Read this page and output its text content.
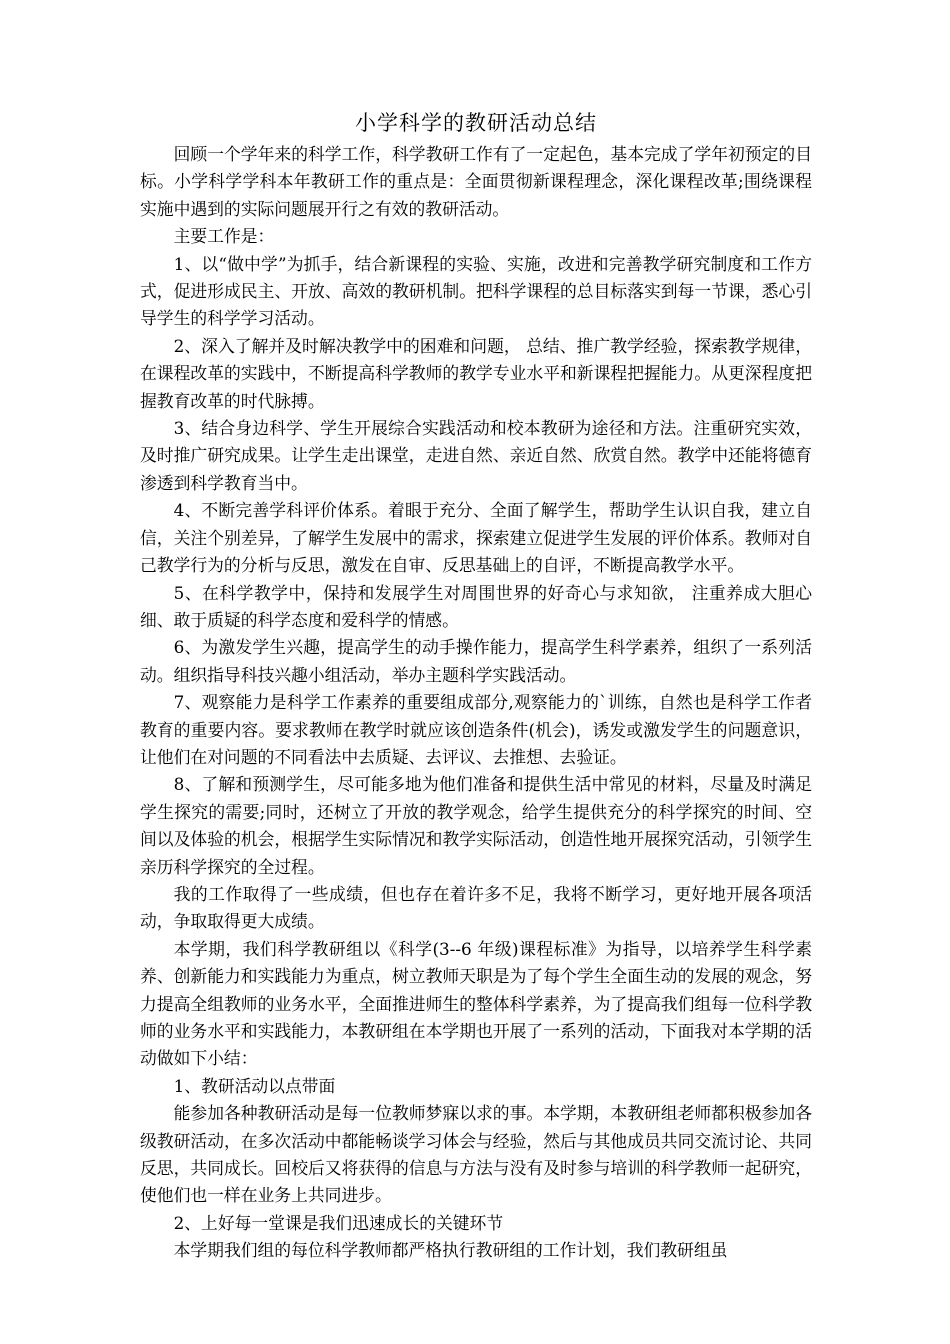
小学科学的教研活动总结

回顾一个学年来的科学工作，科学教研工作有了一定起色，基本完成了学年初预定的目标。小学科学学科本年教研工作的重点是：全面贯彻新课程理念，深化课程改革;围绕课程实施中遇到的实际问题展开行之有效的教研活动。

主要工作是：

1、以“做中学”为抓手，结合新课程的实验、实施，改进和完善教学研究制度和工作方式，促进形成民主、开放、高效的教研机制。把科学课程的总目标落实到每一节课，悉心引导学生的科学学习活动。

2、深入了解并及时解决教学中的困难和问题， 总结、推广教学经验，探索教学规律，在课程改革的实践中，不断提高科学教师的教学专业水平和新课程把握能力。从更深程度把握教育改革的时代脉搏。

3、结合身边科学、学生开展综合实践活动和校本教研为途径和方法。注重研究实效，及时推广研究成果。让学生走出课堂，走进自然、亲近自然、欣赏自然。教学中还能将德育渗透到科学教育当中。

4、不断完善学科评价体系。着眼于充分、全面了解学生，帮助学生认识自我，建立自信，关注个别差异，了解学生发展中的需求，探索建立促进学生发展的评价体系。教师对自己教学行为的分析与反思，激发在自审、反思基础上的自评，不断提高教学水平。

5、在科学教学中，保持和发展学生对周围世界的好奇心与求知欲， 注重养成大胆心细、敢于质疑的科学态度和爱科学的情感。

6、为激发学生兴趣，提高学生的动手操作能力，提高学生科学素养，组织了一系列活动。组织指导科技兴趣小组活动，举办主题科学实践活动。

7、观察能力是科学工作素养的重要组成部分,观察能力的`训练，自然也是科学工作者教育的重要内容。要求教师在教学时就应该创造条件(机会)，诱发或激发学生的问题意识，让他们在对问题的不同看法中去质疑、去评议、去推想、去验证。

8、了解和预测学生，尽可能多地为他们准备和提供生活中常见的材料，尽量及时满足学生探究的需要;同时，还树立了开放的教学观念，给学生提供充分的科学探究的时间、空间以及体验的机会，根据学生实际情况和教学实际活动，创造性地开展探究活动，引领学生亲历科学探究的全过程。

我的工作取得了一些成绩，但也存在着许多不足，我将不断学习，更好地开展各项活动，争取取得更大成绩。

本学期，我们科学教研组以《科学(3--6 年级)课程标准》为指导，以培养学生科学素养、创新能力和实践能力为重点，树立教师天职是为了每个学生全面生动的发展的观念，努力提高全组教师的业务水平，全面推进师生的整体科学素养，为了提高我们组每一位科学教师的业务水平和实践能力，本教研组在本学期也开展了一系列的活动，下面我对本学期的活动做如下小结：

1、教研活动以点带面

能参加各种教研活动是每一位教师梦寐以求的事。本学期，本教研组老师都积极参加各级教研活动，在多次活动中都能畅谈学习体会与经验，然后与其他成员共同交流讨论、共同反思，共同成长。回校后又将获得的信息与方法与没有及时参与培训的科学教师一起研究，使他们也一样在业务上共同进步。

2、上好每一堂课是我们迅速成长的关键环节

本学期我们组的每位科学教师都严格执行教研组的工作计划，我们教研组虽
